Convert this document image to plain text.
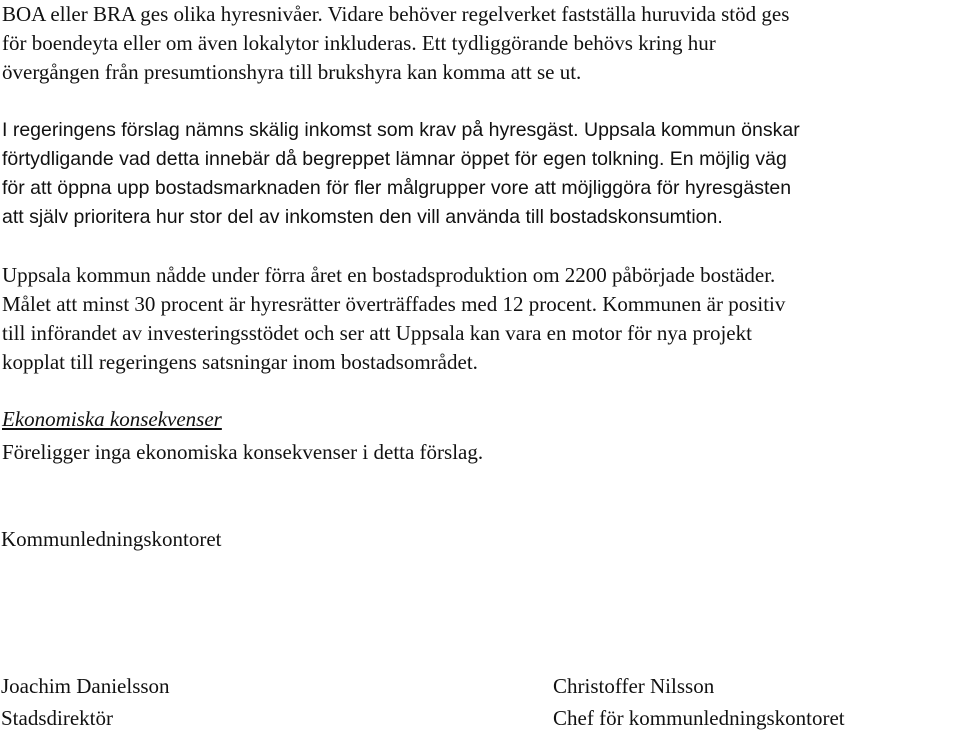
BOA eller BRA ges olika hyresnivåer. Vidare behöver regelverket fastställa huruvida stöd ges

för boendeyta eller om även lokalytor inkluderas. Ett tydliggörande behövs kring hur

övergången från presumtionshyra till brukshyra kan komma att se ut.

I regeringens förslag nämns skälig inkomst som krav på hyresgäst. Uppsala kommun önskar

förtydligande vad detta innebär då begreppet lämnar öppet för egen tolkning. En möjlig väg

för att öppna upp bostadsmarknaden för fler målgrupper vore att möjliggöra för hyresgästen

att själv prioritera hur stor del av inkomsten den vill använda till bostadskonsumtion.

Uppsala kommun nådde under förra året en bostadsproduktion om 2200 påbörjade bostäder.

Målet att minst 30 procent är hyresrätter överträffades med 12 procent. Kommunen är positiv

till införandet av investeringsstödet och ser att Uppsala kan vara en motor för nya projekt

kopplat till regeringens satsningar inom bostadsområdet.

Ekonomiska konsekvenser

Föreligger inga ekonomiska konsekvenser i detta förslag.

Kommunledningskontoret

Joachim Danielsson
Stadsdirektör
Christoffer Nilsson
Chef för kommunledningskontoret
